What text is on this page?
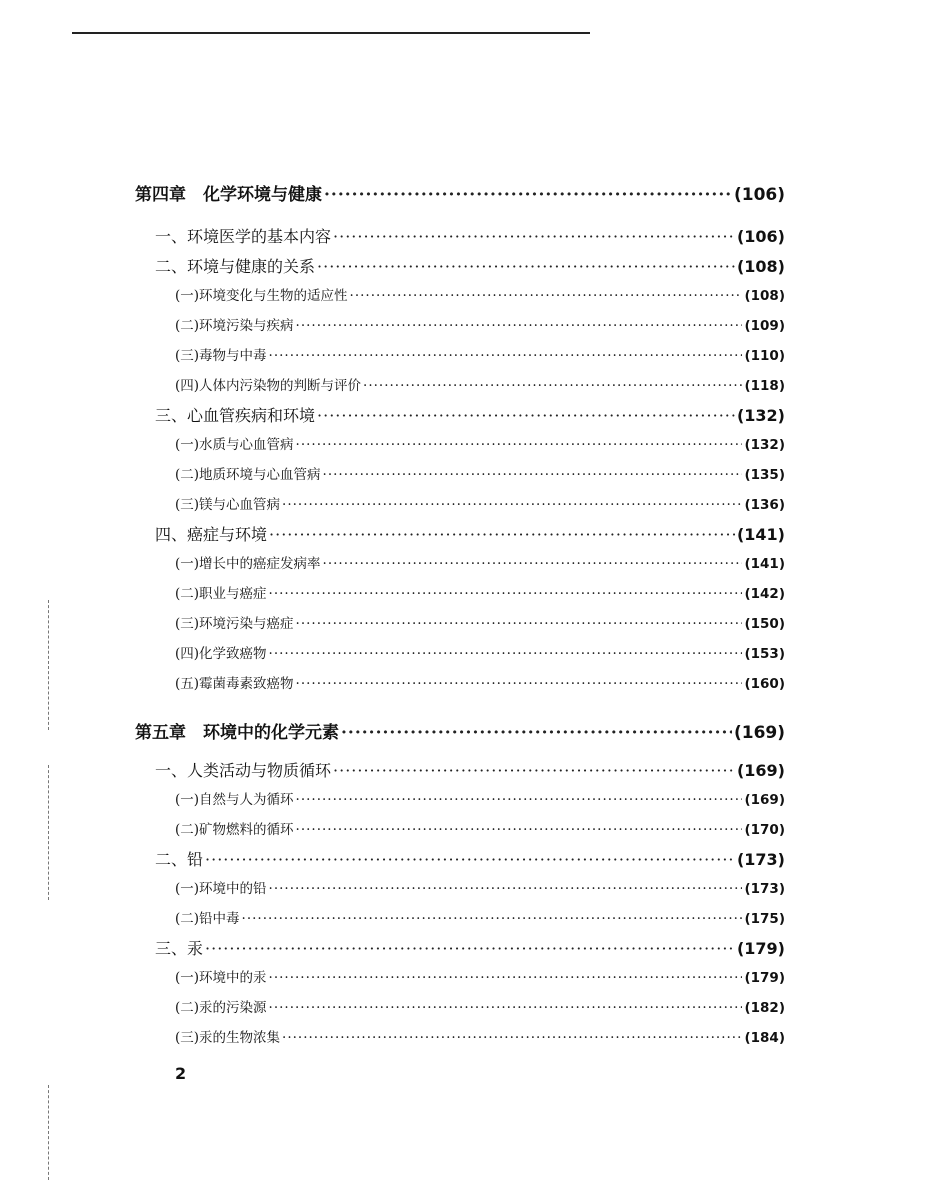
第四章　化学环境与健康 ·····	(106)
一、环境医学的基本内容 ·····	(106)
二、环境与健康的关系 ·····	(108)
(一)环境变化与生物的适应性 ·····	(108)
(二)环境污染与疾病 ·····	(109)
(三)毒物与中毒 ·····	(110)
(四)人体内污染物的判断与评价 ·····	(118)
三、心血管疾病和环境 ·····	(132)
(一)水质与心血管病 ·····	(132)
(二)地质环境与心血管病 ·····	(135)
(三)镁与心血管病 ·····	(136)
四、癌症与环境 ·····	(141)
(一)增长中的癌症发病率 ·····	(141)
(二)职业与癌症 ·····	(142)
(三)环境污染与癌症 ·····	(150)
(四)化学致癌物 ·····	(153)
(五)霉菌毒素致癌物 ·····	(160)
第五章　环境中的化学元素 ·····	(169)
一、人类活动与物质循环 ·····	(169)
(一)自然与人为循环 ·····	(169)
(二)矿物燃料的循环 ·····	(170)
二、铅 ·····	(173)
(一)环境中的铅 ·····	(173)
(二)铅中毒 ·····	(175)
三、汞 ·····	(179)
(一)环境中的汞 ·····	(179)
(二)汞的污染源 ·····	(182)
(三)汞的生物浓集 ·····	(184)
2
